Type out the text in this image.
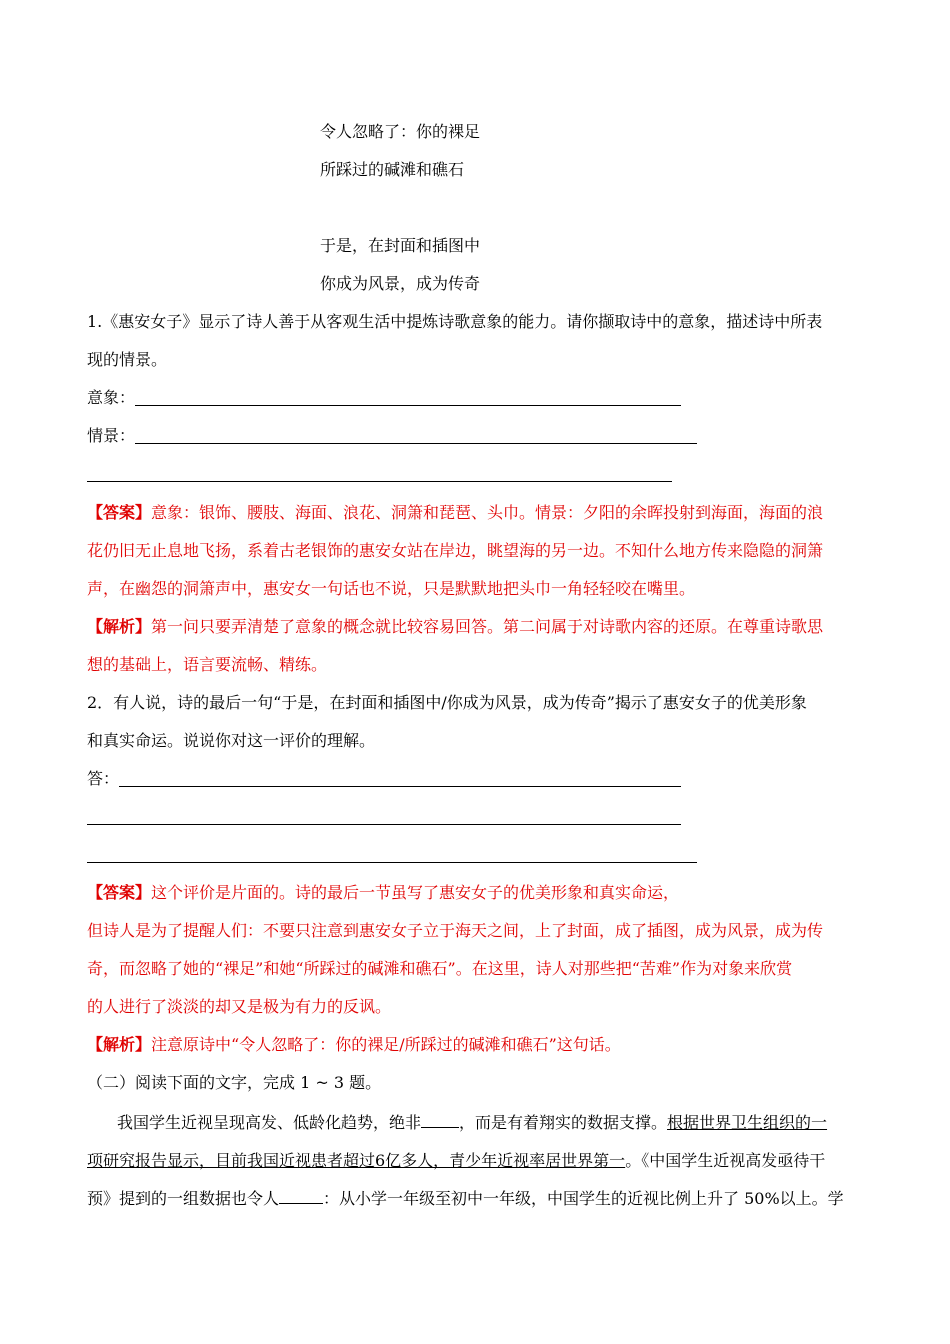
令人忽略了：你的裸足
所踩过的碱滩和礁石
于是，在封面和插图中
你成为风景，成为传奇
1.《惠安女子》显示了诗人善于从客观生活中提炼诗歌意象的能力。请你撷取诗中的意象，描述诗中所表
现的情景。
意象：
情景：
【答案】意象：银饰、腰肢、海面、浪花、洞箫和琵琶、头巾。情景：夕阳的余晖投射到海面，海面的浪
花仍旧无止息地飞扬，系着古老银饰的惠安女站在岸边，眺望海的另一边。不知什么地方传来隐隐的洞箫
声，在幽怨的洞箫声中，惠安女一句话也不说，只是默默地把头巾一角轻轻咬在嘴里。
【解析】第一问只要弄清楚了意象的概念就比较容易回答。第二问属于对诗歌内容的还原。在尊重诗歌思
想的基础上，语言要流畅、精练。
2．有人说，诗的最后一句“于是，在封面和插图中/你成为风景，成为传奇”揭示了惠安女子的优美形象
和真实命运。说说你对这一评价的理解。
答：
【答案】这个评价是片面的。诗的最后一节虽写了惠安女子的优美形象和真实命运，
但诗人是为了提醒人们：不要只注意到惠安女子立于海天之间，上了封面，成了插图，成为风景，成为传
奇，而忽略了她的“裸足”和她“所踩过的碱滩和礁石”。在这里，诗人对那些把“苦难”作为对象来欣赏
的人进行了淡淡的却又是极为有力的反讽。
【解析】注意原诗中“令人忽略了：你的裸足/所踩过的碱滩和礁石”这句话。
（二）阅读下面的文字，完成 1 ~ 3 题。
我国学生近视呈现高发、低龄化趋势，绝非 ，而是有着翔实的数据支撑。根据世界卫生组织的一
项研究报告显示，目前我国近视患者超过6亿多人，青少年近视率居世界第一。《中国学生近视高发亟待干
预》提到的一组数据也令人	：从小学一年级至初中一年级，中国学生的近视比例上升了 50%以上。学
